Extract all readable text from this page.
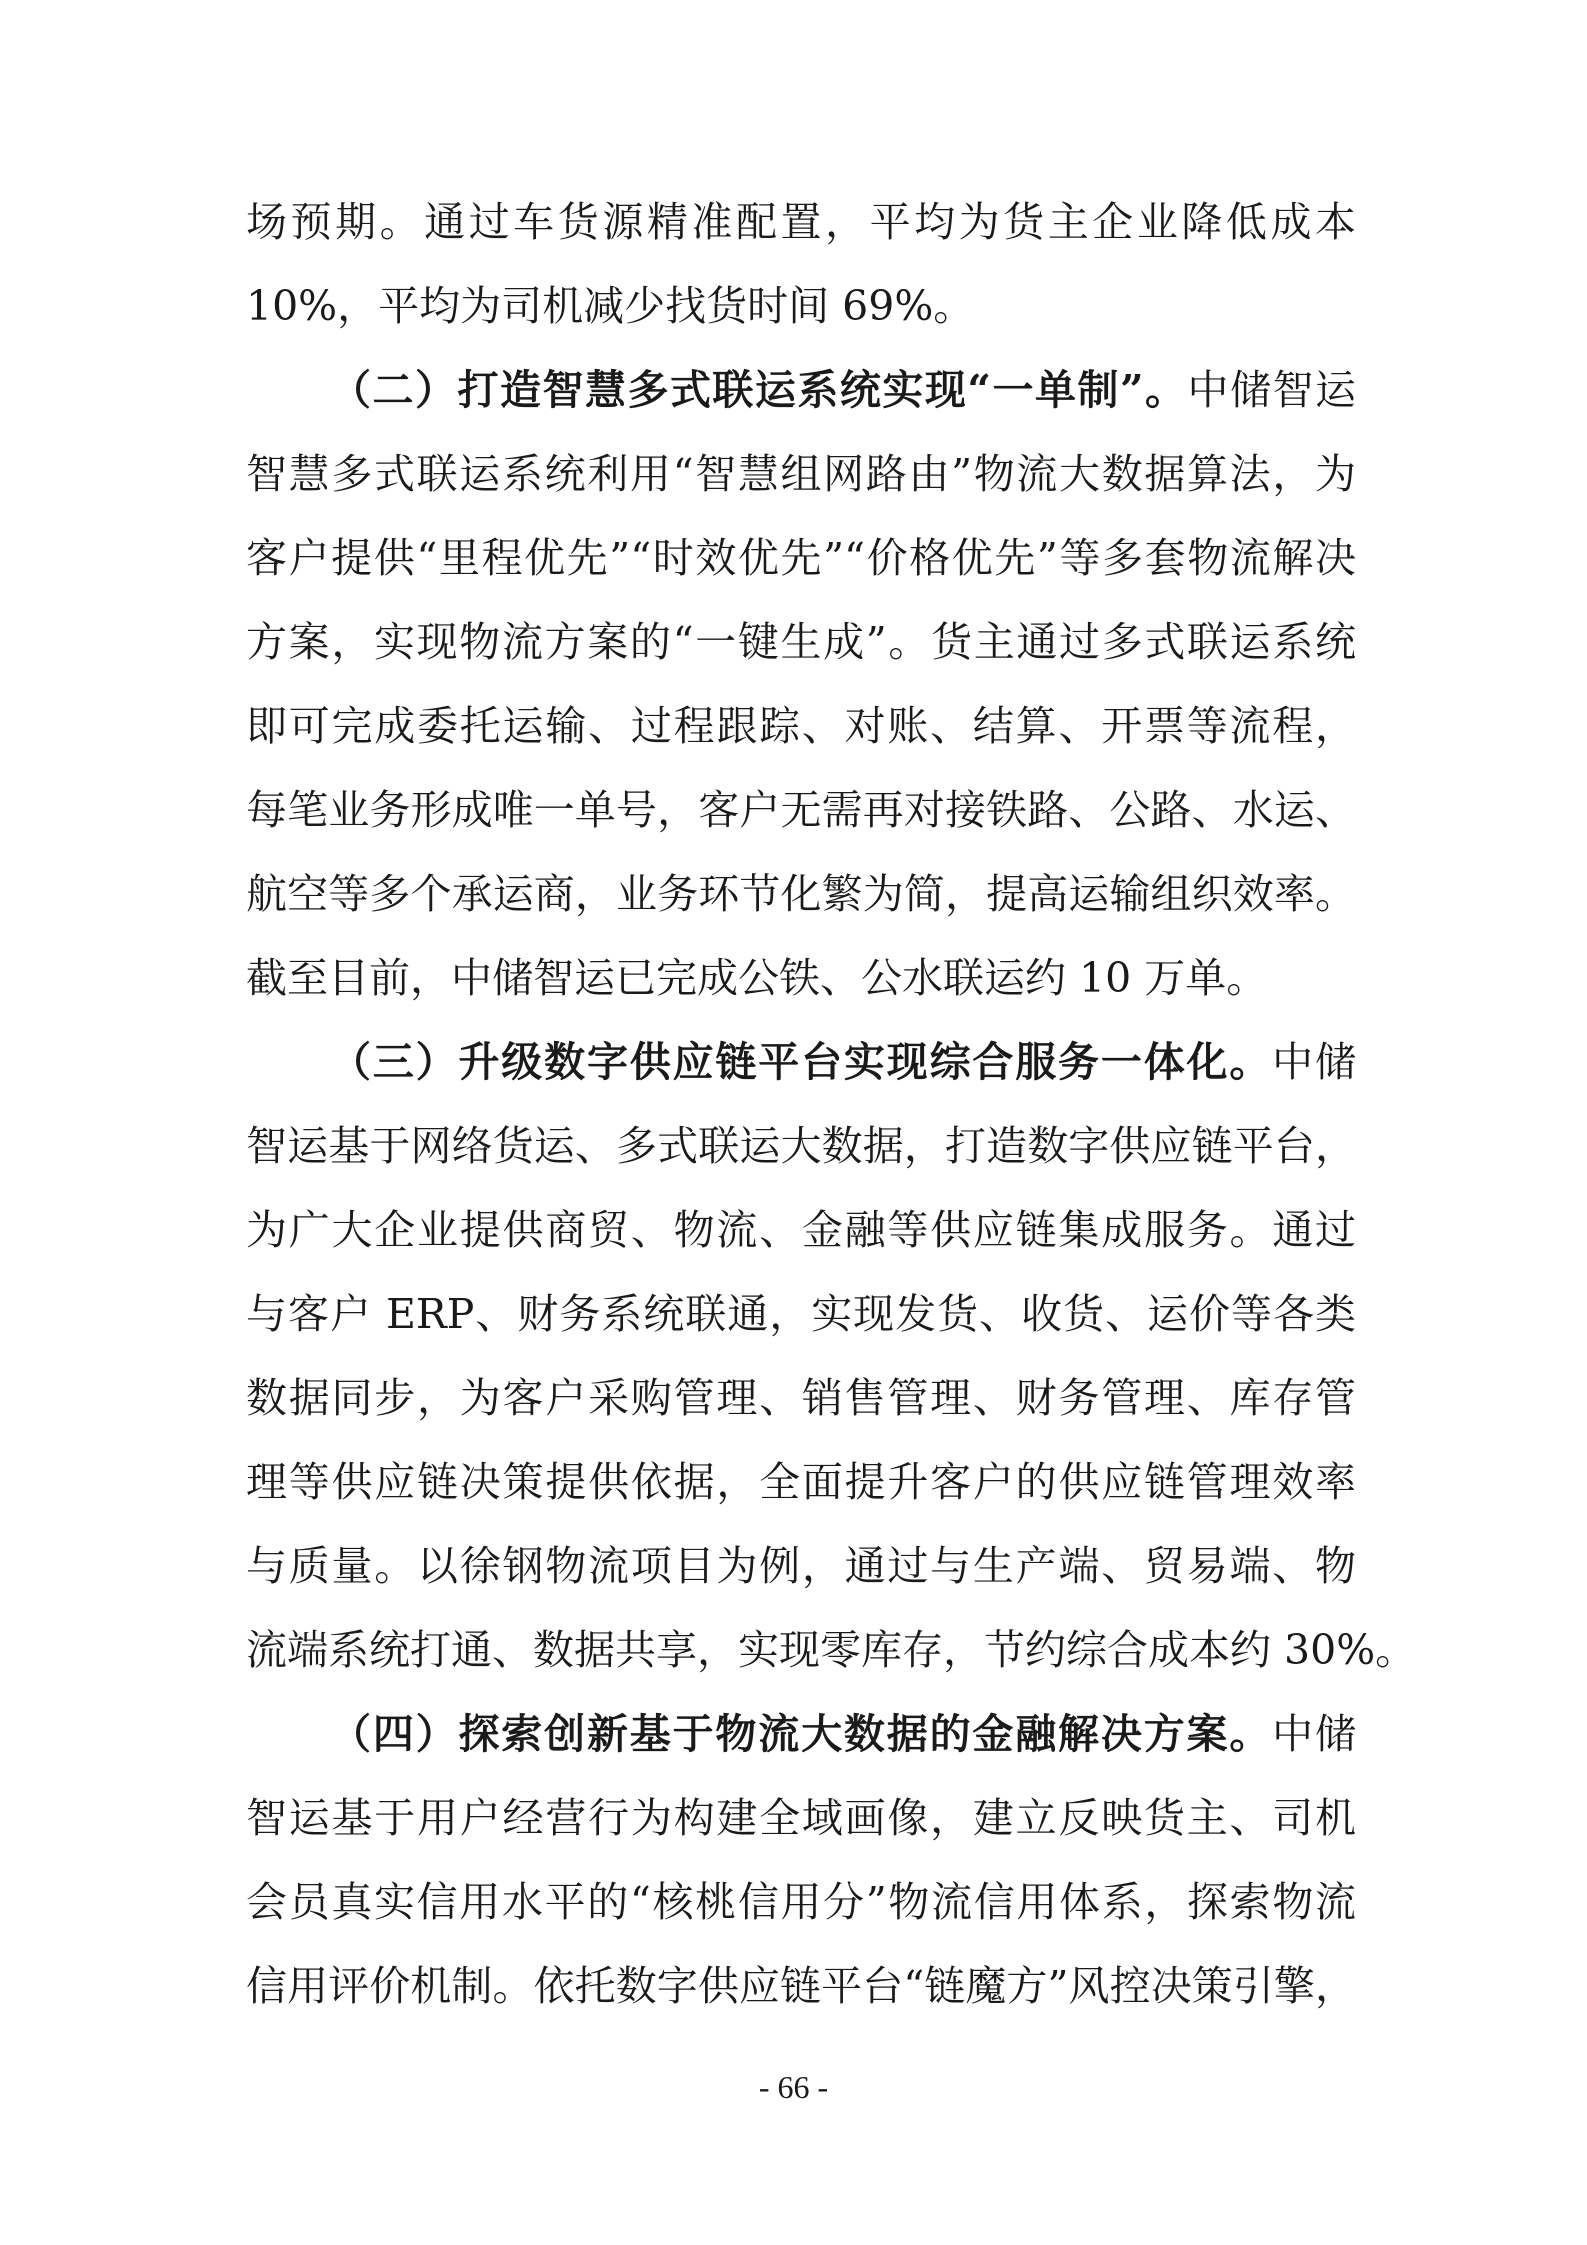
场预期。通过车货源精准配置，平均为货主企业降低成本
10%，平均为司机减少找货时间 69%。
（二）打造智慧多式联运系统实现“一单制”。中储智运
智慧多式联运系统利用“智慧组网路由”物流大数据算法，为
客户提供“里程优先”“时效优先”“价格优先”等多套物流解决
方案，实现物流方案的“一键生成”。货主通过多式联运系统
即可完成委托运输、过程跟踪、对账、结算、开票等流程，
每笔业务形成唯一单号，客户无需再对接铁路、公路、水运、
航空等多个承运商，业务环节化繁为简，提高运输组织效率。
截至目前，中储智运已完成公铁、公水联运约 10 万单。
（三）升级数字供应链平台实现综合服务一体化。中储
智运基于网络货运、多式联运大数据，打造数字供应链平台，
为广大企业提供商贸、物流、金融等供应链集成服务。通过
与客户 ERP、财务系统联通，实现发货、收货、运价等各类
数据同步，为客户采购管理、销售管理、财务管理、库存管
理等供应链决策提供依据，全面提升客户的供应链管理效率
与质量。以徐钢物流项目为例，通过与生产端、贸易端、物
流端系统打通、数据共享，实现零库存，节约综合成本约 30%。
（四）探索创新基于物流大数据的金融解决方案。中储
智运基于用户经营行为构建全域画像，建立反映货主、司机
会员真实信用水平的“核桃信用分”物流信用体系，探索物流
信用评价机制。依托数字供应链平台“链魔方”风控决策引擎，
- 66 -
